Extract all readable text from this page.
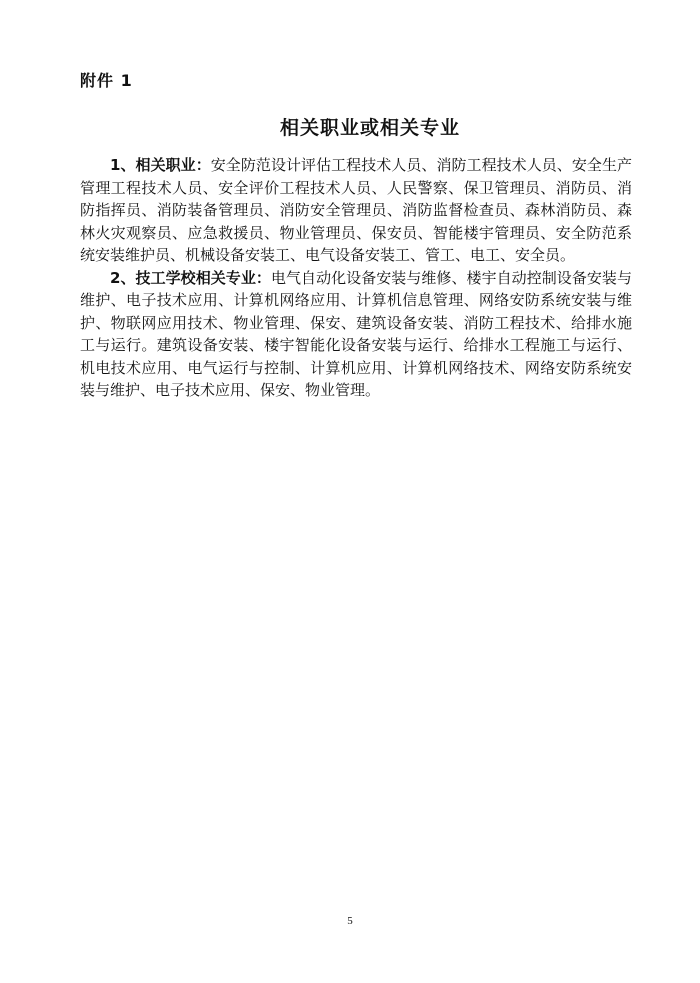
附件 1
相关职业或相关专业

1、相关职业：安全防范设计评估工程技术人员、消防工程技术人员、安全生产管理工程技术人员、安全评价工程技术人员、人民警察、保卫管理员、消防员、消防指挥员、消防装备管理员、消防安全管理员、消防监督检查员、森林消防员、森林火灾观察员、应急救援员、物业管理员、保安员、智能楼宇管理员、安全防范系统安装维护员、机械设备安装工、电气设备安装工、管工、电工、安全员。

2、技工学校相关专业：电气自动化设备安装与维修、楼宇自动控制设备安装与维护、电子技术应用、计算机网络应用、计算机信息管理、网络安防系统安装与维护、物联网应用技术、物业管理、保安、建筑设备安装、消防工程技术、给排水施工与运行。建筑设备安装、楼宇智能化设备安装与运行、给排水工程施工与运行、机电技术应用、电气运行与控制、计算机应用、计算机网络技术、网络安防系统安装与维护、电子技术应用、保安、物业管理。

5
